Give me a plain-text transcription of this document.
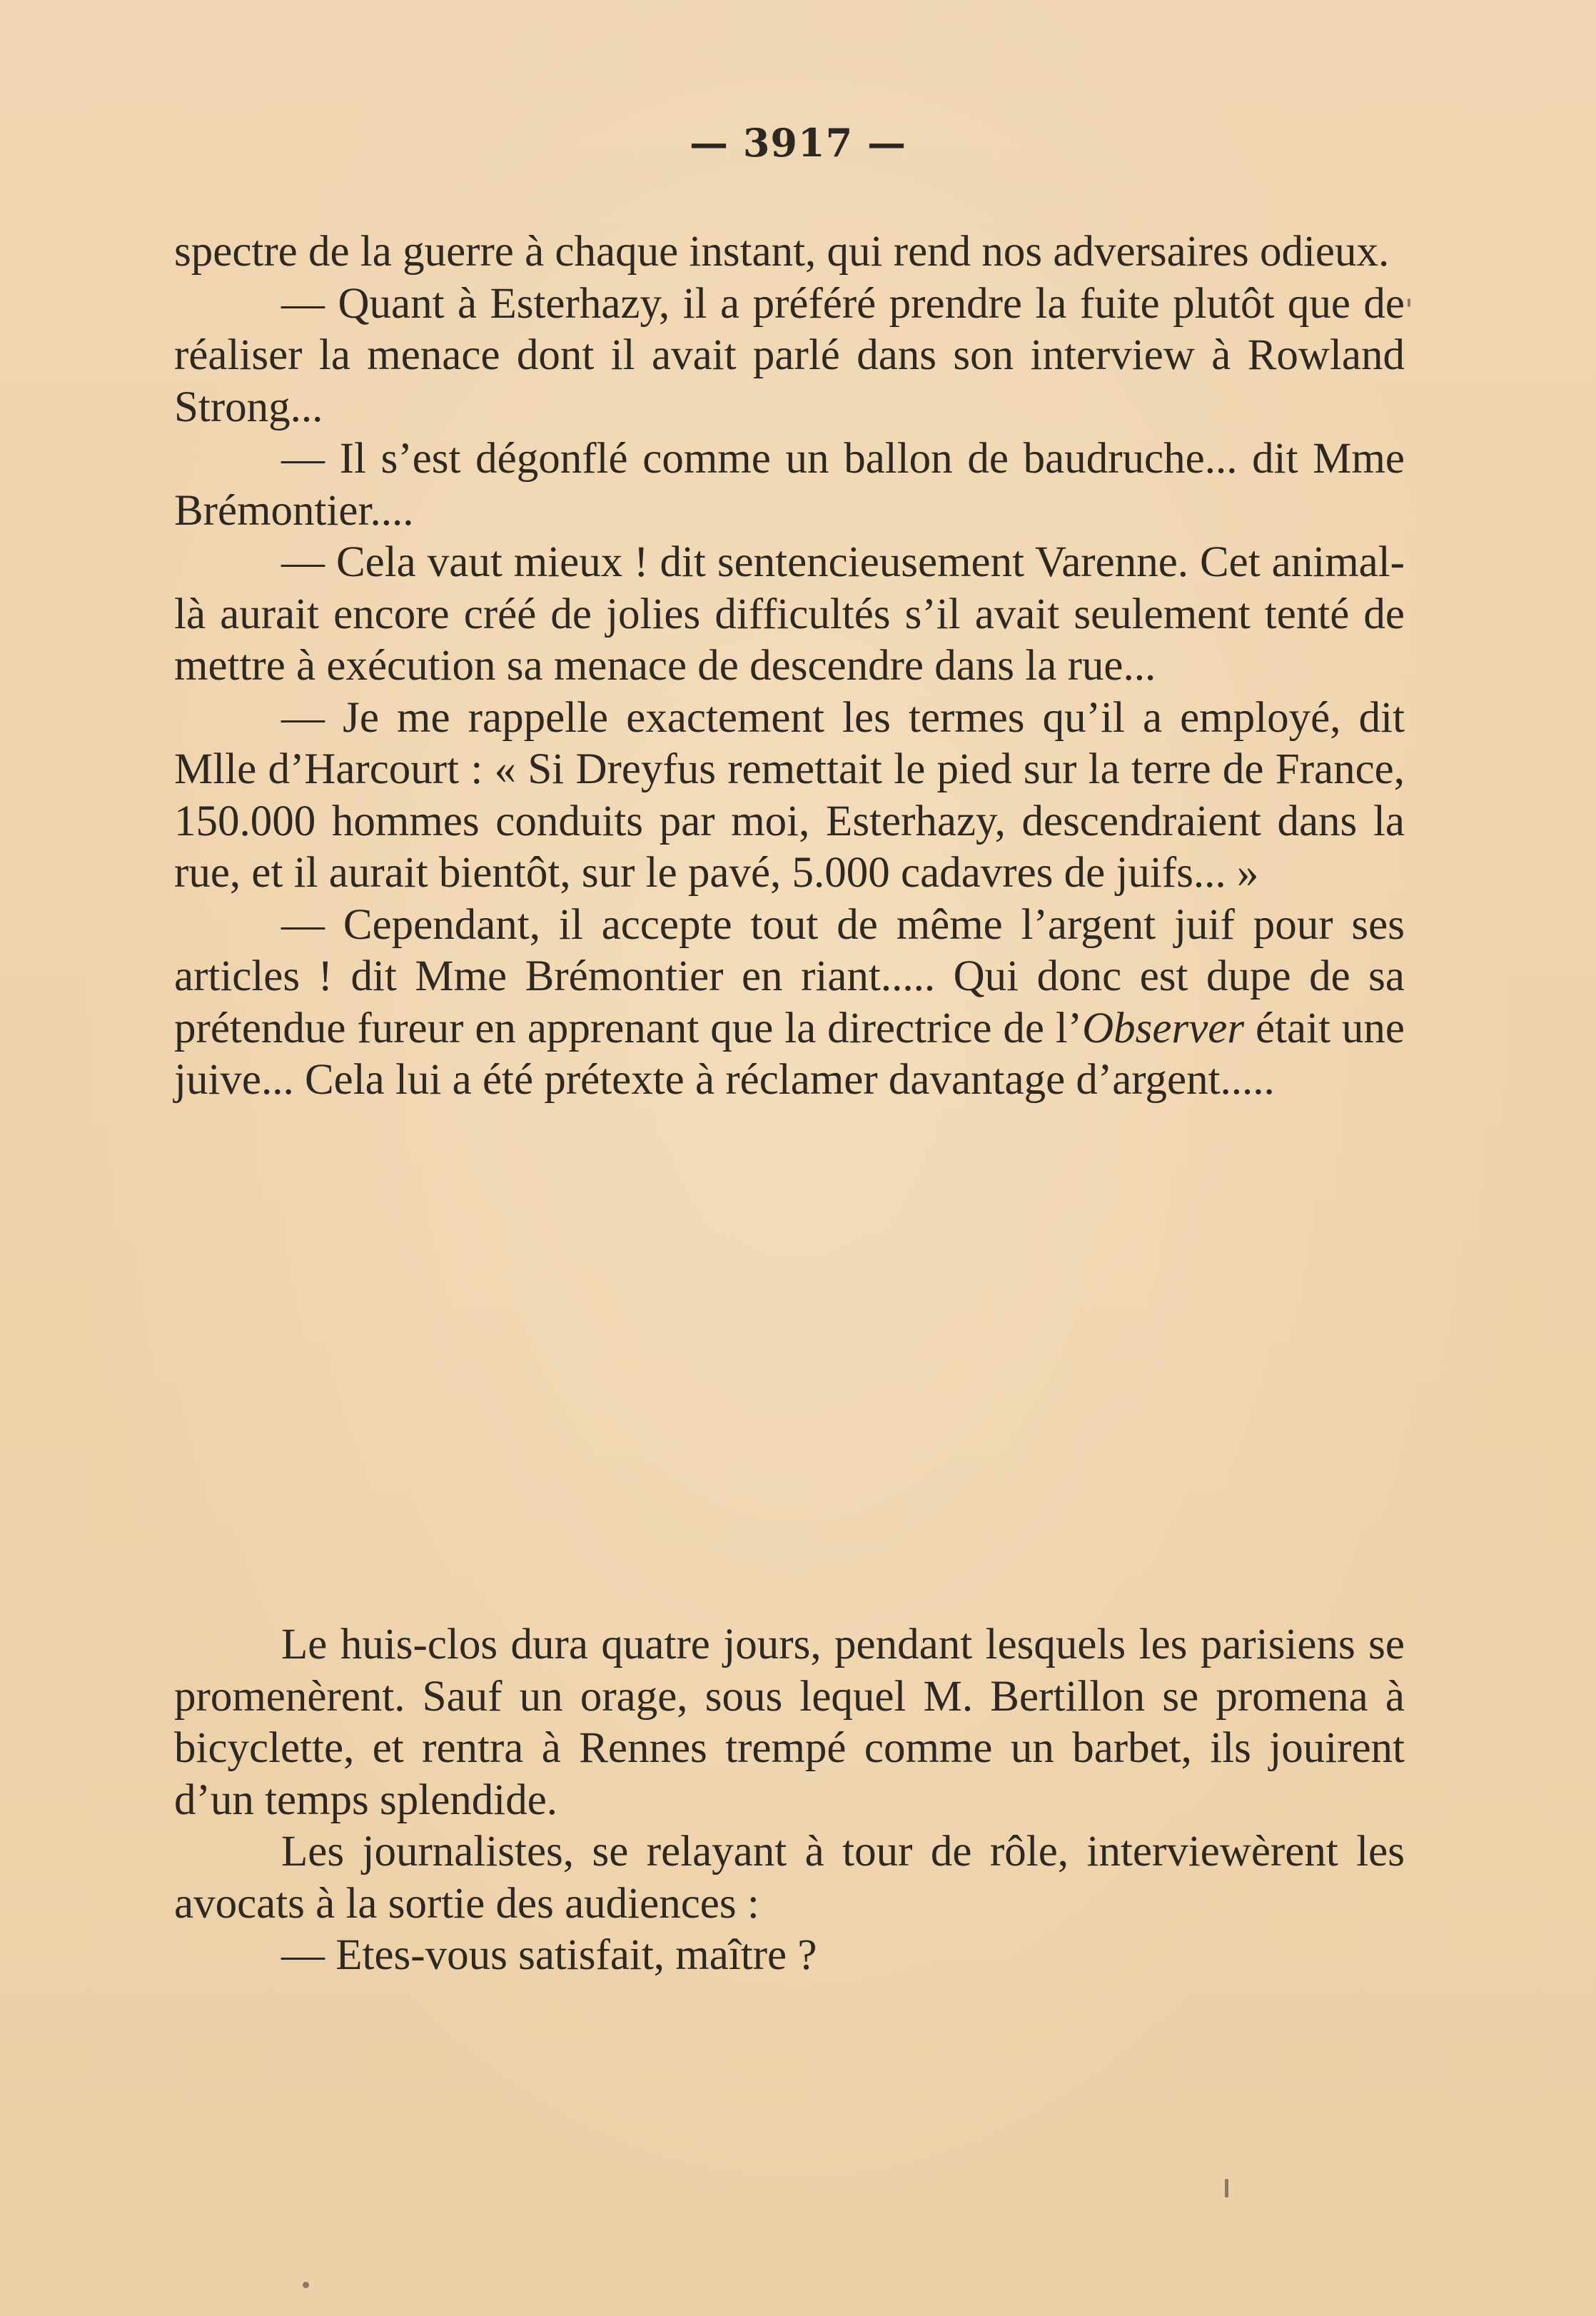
— 3917 —

spectre de la guerre à chaque instant, qui rend nos adversaires odieux.

— Quant à Esterhazy, il a préféré prendre la fuite plutôt que de réaliser la menace dont il avait parlé dans son interview à Rowland Strong...

— Il s’est dégonflé comme un ballon de baudruche... dit Mme Brémontier....

— Cela vaut mieux ! dit sentencieusement Varenne. Cet animal-là aurait encore créé de jolies difficultés s’il avait seulement tenté de mettre à exécution sa menace de descendre dans la rue...

— Je me rappelle exactement les termes qu’il a employé, dit Mlle d’Harcourt : « Si Dreyfus remettait le pied sur la terre de France, 150.000 hommes conduits par moi, Esterhazy, descendraient dans la rue, et il aurait bientôt, sur le pavé, 5.000 cadavres de juifs... »

— Cependant, il accepte tout de même l’argent juif pour ses articles ! dit Mme Brémontier en riant..... Qui donc est dupe de sa prétendue fureur en apprenant que la directrice de l’Observer était une juive... Cela lui a été prétexte à réclamer davantage d’argent.....

Le huis-clos dura quatre jours, pendant lesquels les parisiens se promenèrent. Sauf un orage, sous lequel M. Bertillon se promena à bicyclette, et rentra à Rennes trempé comme un barbet, ils jouirent d’un temps splendide.

Les journalistes, se relayant à tour de rôle, interviewèrent les avocats à la sortie des audiences :

— Etes-vous satisfait, maître ?
